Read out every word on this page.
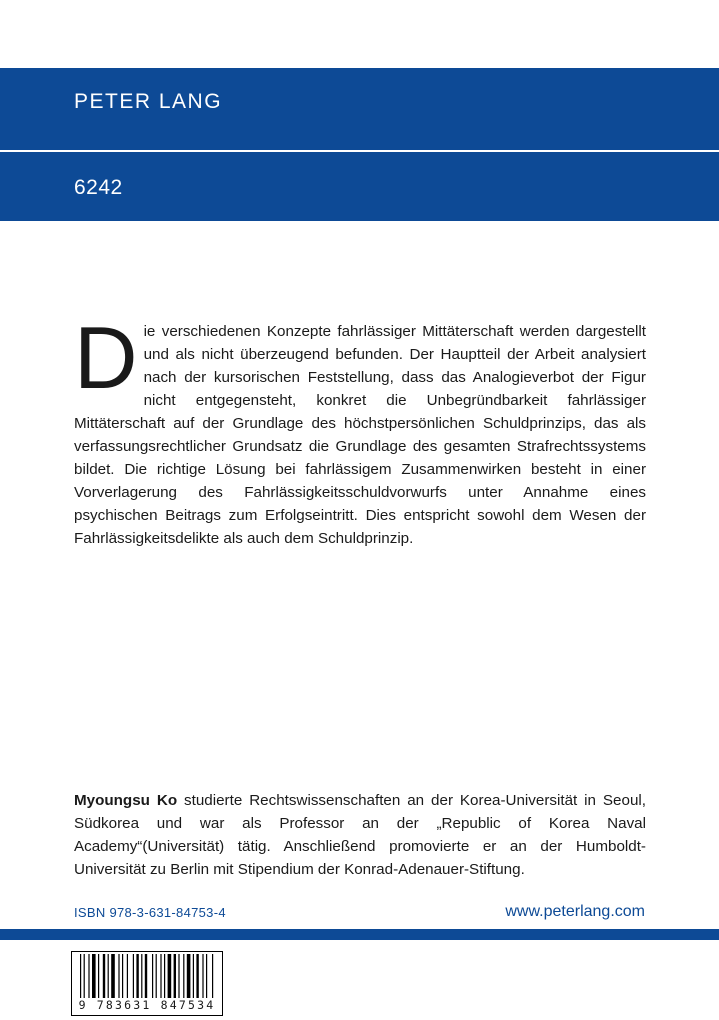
PETER LANG
6242
Die verschiedenen Konzepte fahrlässiger Mittäterschaft werden dargestellt und als nicht überzeugend befunden. Der Hauptteil der Arbeit analysiert nach der kursorischen Feststellung, dass das Analogieverbot der Figur nicht entgegensteht, konkret die Unbegründbarkeit fahrlässiger Mittäterschaft auf der Grundlage des höchstpersönlichen Schuldprinzips, das als verfassungsrechtlicher Grundsatz die Grundlage des gesamten Strafrechtssystems bildet. Die richtige Lösung bei fahrlässigem Zusammenwirken besteht in einer Vorverlagerung des Fahrlässigkeitsschuldvorwurfs unter Annahme eines psychischen Beitrags zum Erfolgseintritt. Dies entspricht sowohl dem Wesen der Fahrlässigkeitsdelikte als auch dem Schuldprinzip.
Myoungsu Ko studierte Rechtswissenschaften an der Korea-Universität in Seoul, Südkorea und war als Professor an der „Republic of Korea Naval Academy“(Universität) tätig. Anschließend promovierte er an der Humboldt-Universität zu Berlin mit Stipendium der Konrad-Adenauer-Stiftung.
ISBN 978-3-631-84753-4	www.peterlang.com
9 783631 847534
